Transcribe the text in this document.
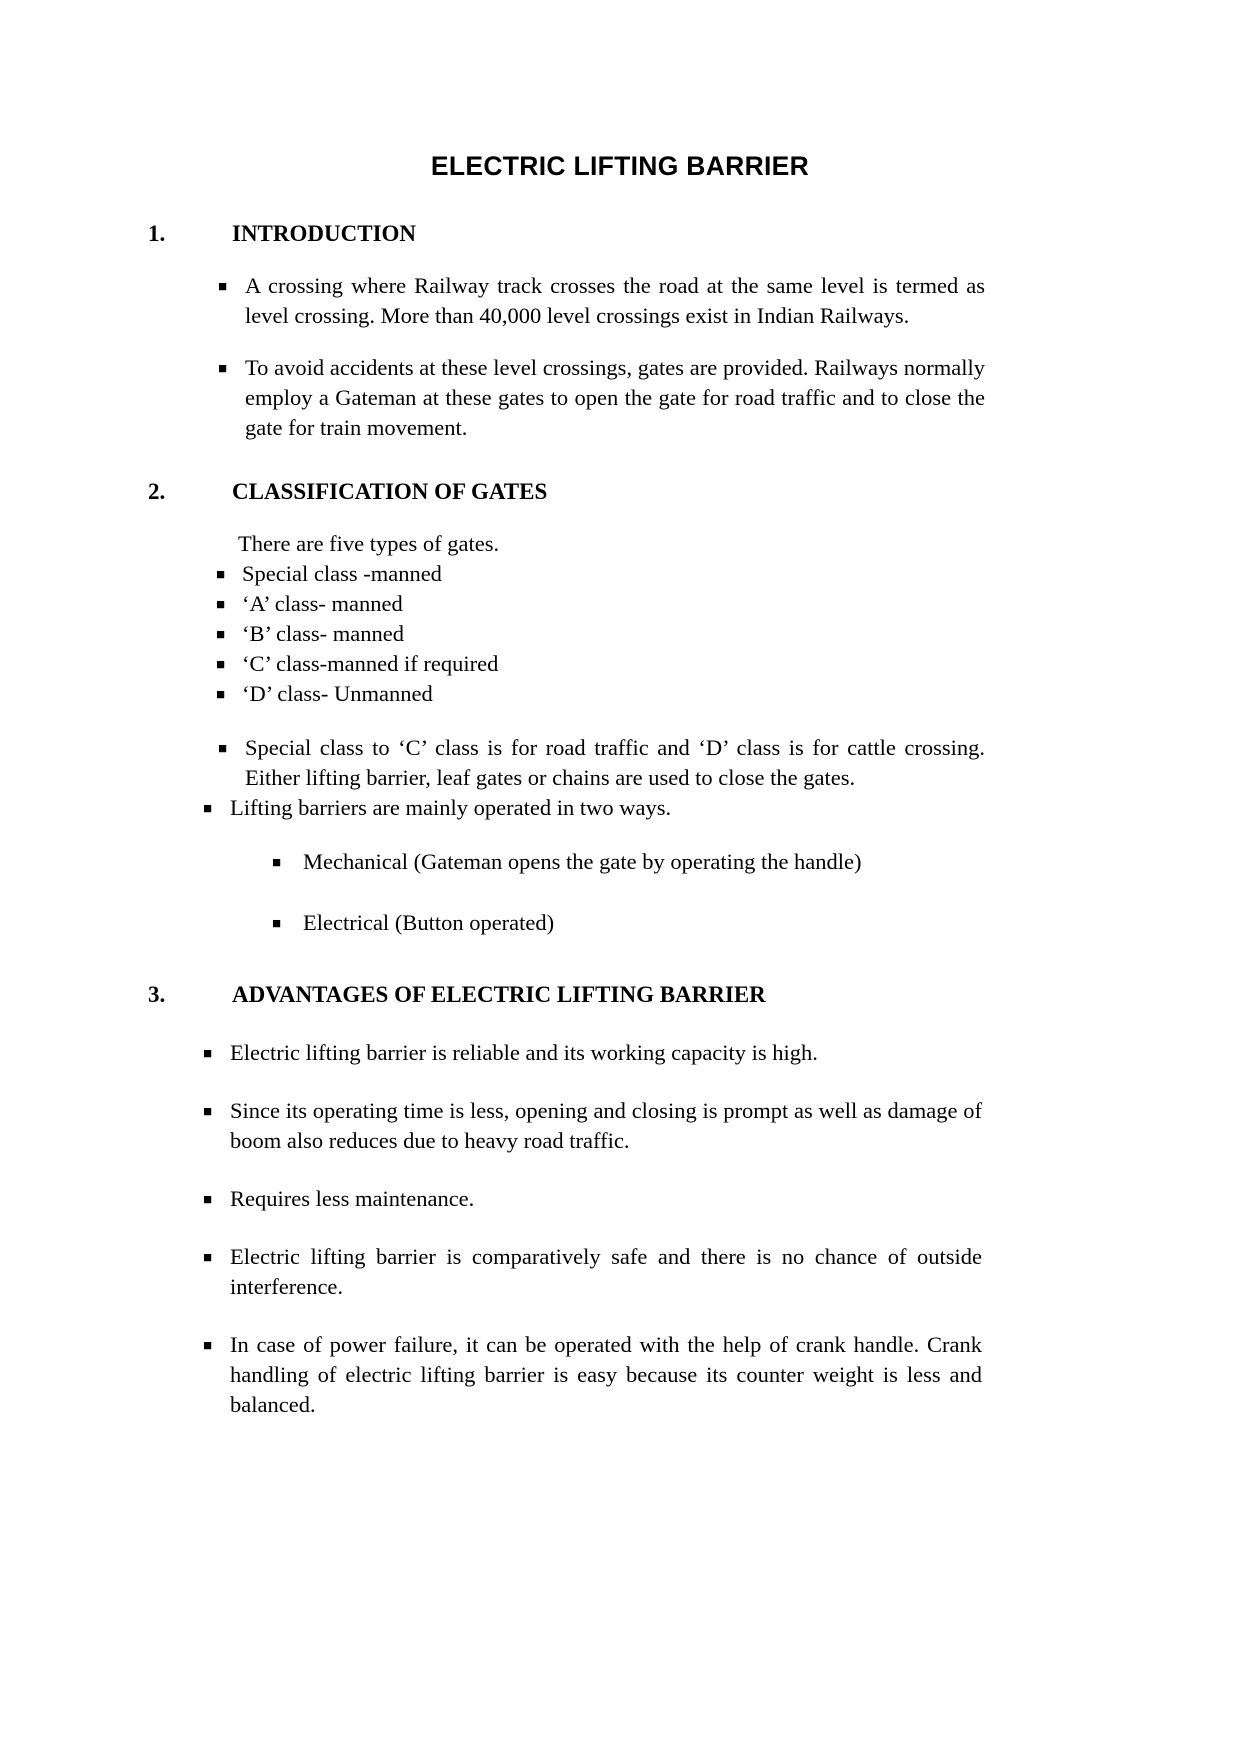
ELECTRIC LIFTING BARRIER
1.	INTRODUCTION
■ A crossing where Railway track crosses the road at the same level is termed as level crossing. More than 40,000 level crossings exist in Indian Railways.
■ To avoid accidents at these level crossings, gates are provided. Railways normally employ a Gateman at these gates to open the gate for road traffic and to close the gate for train movement.
2.	CLASSIFICATION OF GATES
There are five types of gates.
■ Special class -manned
■ ‘A’ class- manned
■ ‘B’ class- manned
■ ‘C’ class-manned if required
■ ‘D’ class- Unmanned
■ Special class to ‘C’ class is for road traffic and ‘D’ class is for cattle crossing. Either lifting barrier, leaf gates or chains are used to close the gates.
■ Lifting barriers are mainly operated in two ways.
■ Mechanical (Gateman opens the gate by operating the handle)
■ Electrical (Button operated)
3.	ADVANTAGES OF ELECTRIC LIFTING BARRIER
■ Electric lifting barrier is reliable and its working capacity is high.
■ Since its operating time is less, opening and closing is prompt as well as damage of boom also reduces due to heavy road traffic.
■ Requires less maintenance.
■ Electric lifting barrier is comparatively safe and there is no chance of outside interference.
■ In case of power failure, it can be operated with the help of crank handle. Crank handling of electric lifting barrier is easy because its counter weight is less and balanced.
